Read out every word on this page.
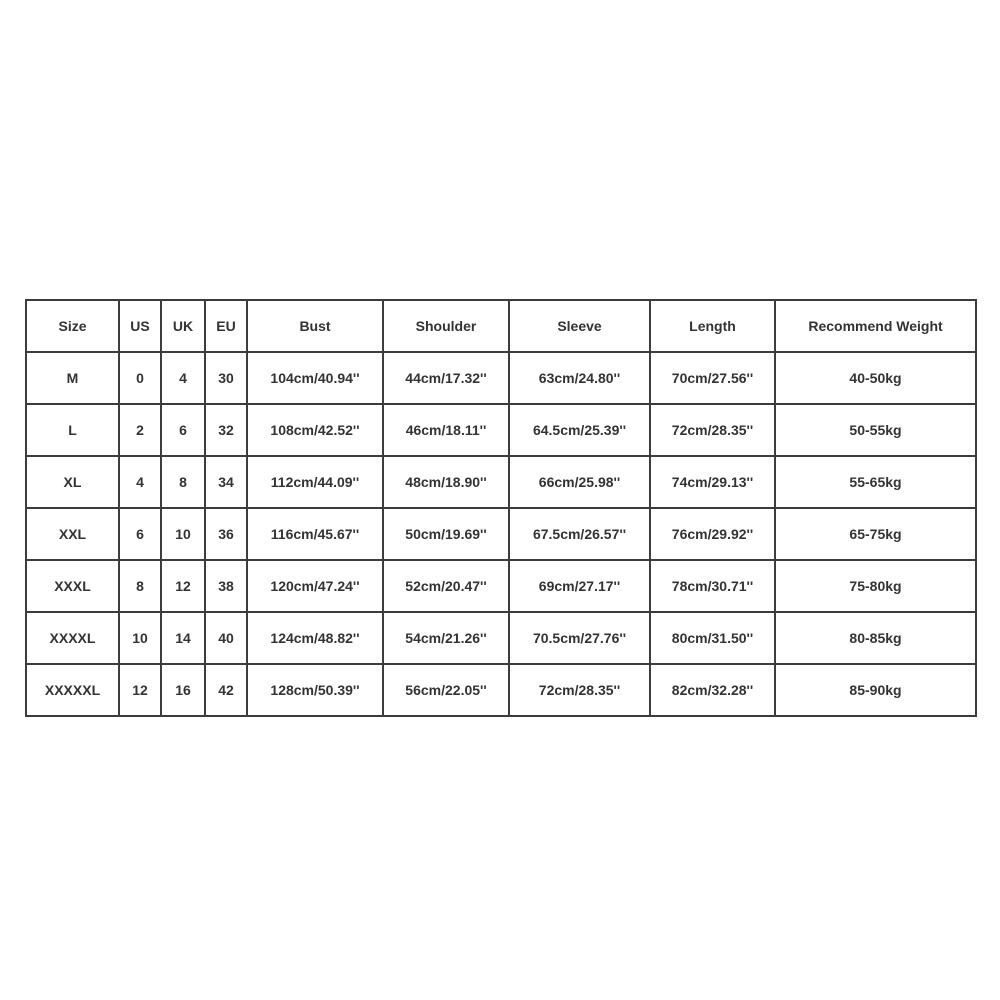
Size	US	UK	EU	Bust	Shoulder	Sleeve	Length	Recommend Weight
M	0	4	30	104cm/40.94''	44cm/17.32''	63cm/24.80''	70cm/27.56''	40-50kg
L	2	6	32	108cm/42.52''	46cm/18.11''	64.5cm/25.39''	72cm/28.35''	50-55kg
XL	4	8	34	112cm/44.09''	48cm/18.90''	66cm/25.98''	74cm/29.13''	55-65kg
XXL	6	10	36	116cm/45.67''	50cm/19.69''	67.5cm/26.57''	76cm/29.92''	65-75kg
XXXL	8	12	38	120cm/47.24''	52cm/20.47''	69cm/27.17''	78cm/30.71''	75-80kg
XXXXL	10	14	40	124cm/48.82''	54cm/21.26''	70.5cm/27.76''	80cm/31.50''	80-85kg
XXXXXL	12	16	42	128cm/50.39''	56cm/22.05''	72cm/28.35''	82cm/32.28''	85-90kg
